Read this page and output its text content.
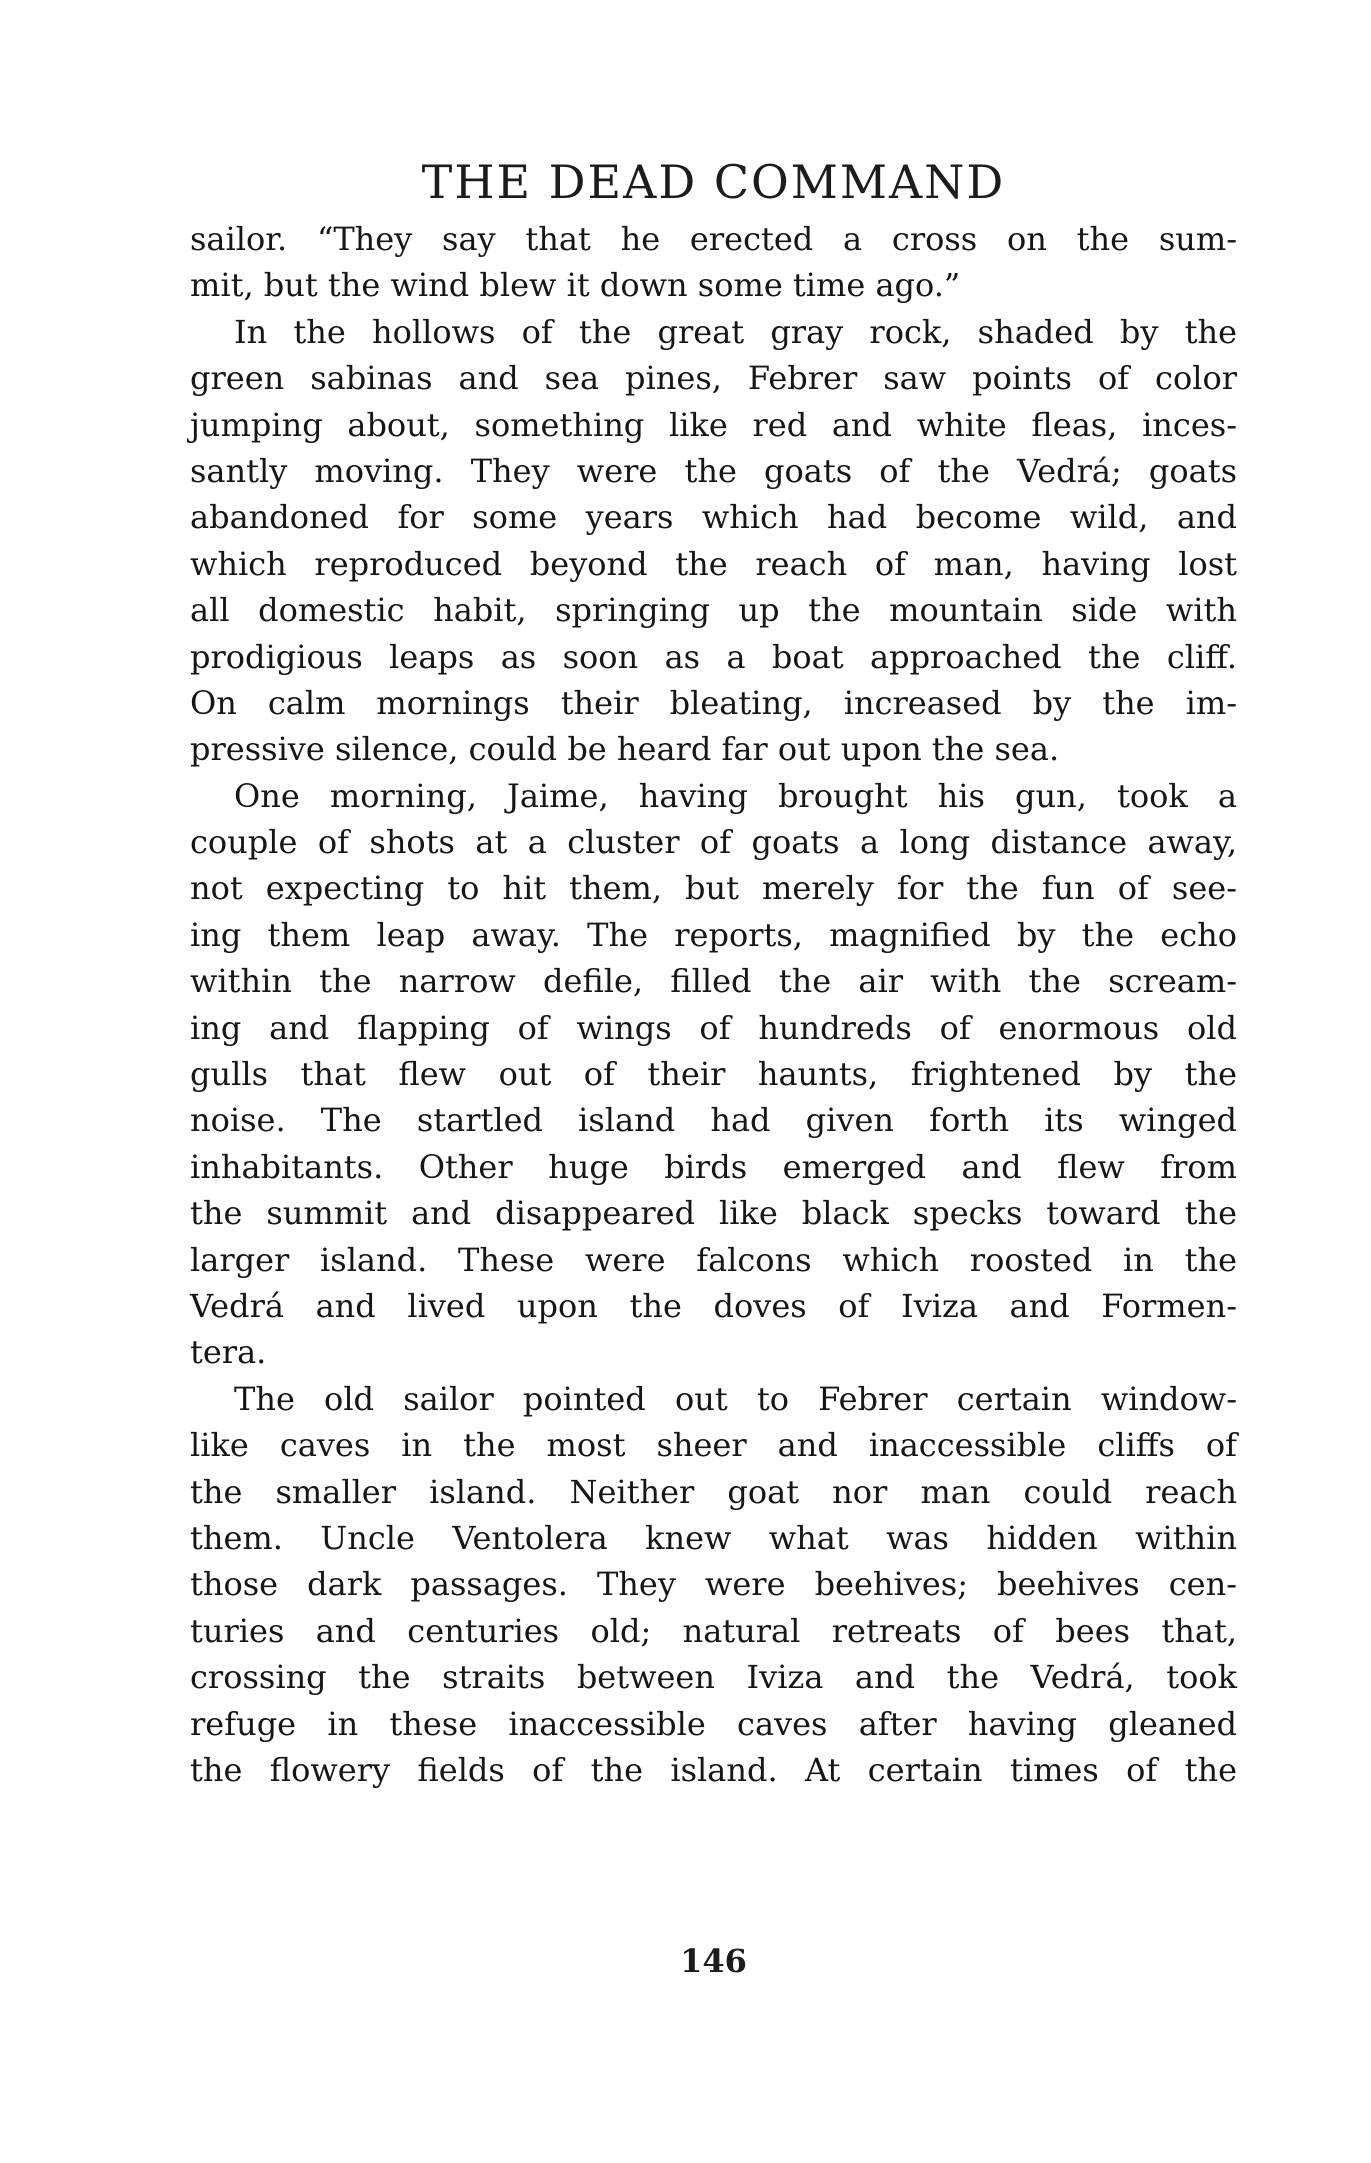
THE DEAD COMMAND
sailor. “They say that he erected a cross on the sum-
mit, but the wind blew it down some time ago.”
In the hollows of the great gray rock, shaded by the
green sabinas and sea pines, Febrer saw points of color
jumping about, something like red and white fleas, inces-
santly moving. They were the goats of the Vedrá; goats
abandoned for some years which had become wild, and
which reproduced beyond the reach of man, having lost
all domestic habit, springing up the mountain side with
prodigious leaps as soon as a boat approached the cliff.
On calm mornings their bleating, increased by the im-
pressive silence, could be heard far out upon the sea.
One morning, Jaime, having brought his gun, took a
couple of shots at a cluster of goats a long distance away,
not expecting to hit them, but merely for the fun of see-
ing them leap away. The reports, magnified by the echo
within the narrow defile, filled the air with the scream-
ing and flapping of wings of hundreds of enormous old
gulls that flew out of their haunts, frightened by the
noise. The startled island had given forth its winged
inhabitants. Other huge birds emerged and flew from
the summit and disappeared like black specks toward the
larger island. These were falcons which roosted in the
Vedrá and lived upon the doves of Iviza and Formen-
tera.
The old sailor pointed out to Febrer certain window-
like caves in the most sheer and inaccessible cliffs of
the smaller island. Neither goat nor man could reach
them. Uncle Ventolera knew what was hidden within
those dark passages. They were beehives; beehives cen-
turies and centuries old; natural retreats of bees that,
crossing the straits between Iviza and the Vedrá, took
refuge in these inaccessible caves after having gleaned
the flowery fields of the island. At certain times of the
146
